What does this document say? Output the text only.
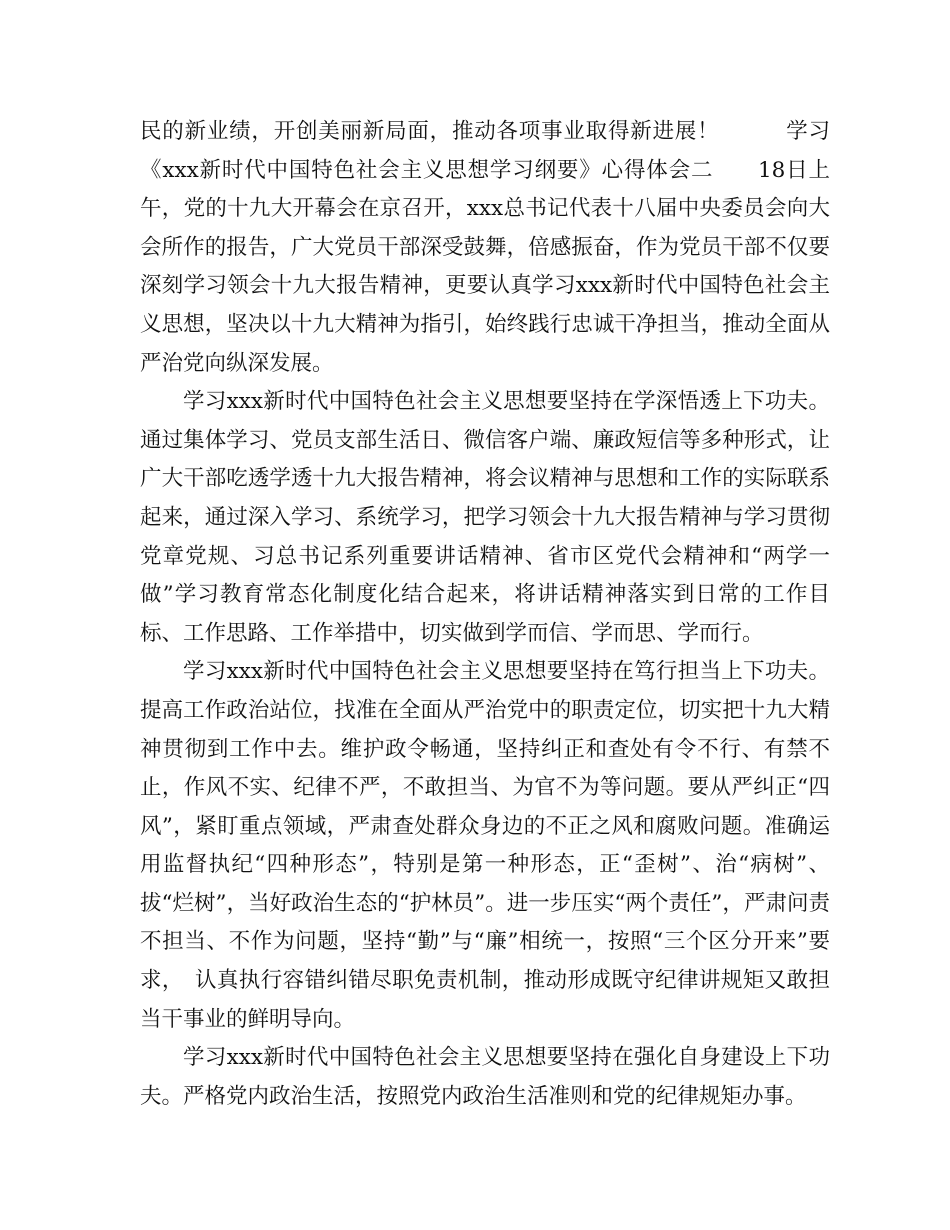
民的新业绩，开创美丽新局面，推动各项事业取得新进展！　　　学习《xxx新时代中国特色社会主义思想学习纲要》心得体会二　　18日上午，党的十九大开幕会在京召开，xxx总书记代表十八届中央委员会向大会所作的报告，广大党员干部深受鼓舞，倍感振奋，作为党员干部不仅要深刻学习领会十九大报告精神，更要认真学习xxx新时代中国特色社会主义思想，坚决以十九大精神为指引，始终践行忠诚干净担当，推动全面从严治党向纵深发展。

学习xxx新时代中国特色社会主义思想要坚持在学深悟透上下功夫。通过集体学习、党员支部生活日、微信客户端、廉政短信等多种形式，让广大干部吃透学透十九大报告精神，将会议精神与思想和工作的实际联系起来，通过深入学习、系统学习，把学习领会十九大报告精神与学习贯彻党章党规、习总书记系列重要讲话精神、省市区党代会精神和“两学一做”学习教育常态化制度化结合起来，将讲话精神落实到日常的工作目标、工作思路、工作举措中，切实做到学而信、学而思、学而行。

学习xxx新时代中国特色社会主义思想要坚持在笃行担当上下功夫。提高工作政治站位，找准在全面从严治党中的职责定位，切实把十九大精神贯彻到工作中去。维护政令畅通，坚持纠正和查处有令不行、有禁不止，作风不实、纪律不严，不敢担当、为官不为等问题。要从严纠正“四风”，紧盯重点领域，严肃查处群众身边的不正之风和腐败问题。准确运用监督执纪“四种形态”，特别是第一种形态，正“歪树”、治“病树”、拔“烂树”，当好政治生态的“护林员”。进一步压实“两个责任”，严肃问责不担当、不作为问题，坚持“勤”与“廉”相统一，按照“三个区分开来”要求，　认真执行容错纠错尽职免责机制，推动形成既守纪律讲规矩又敢担当干事业的鲜明导向。

学习xxx新时代中国特色社会主义思想要坚持在强化自身建设上下功夫。严格党内政治生活，按照党内政治生活准则和党的纪律规矩办事。
